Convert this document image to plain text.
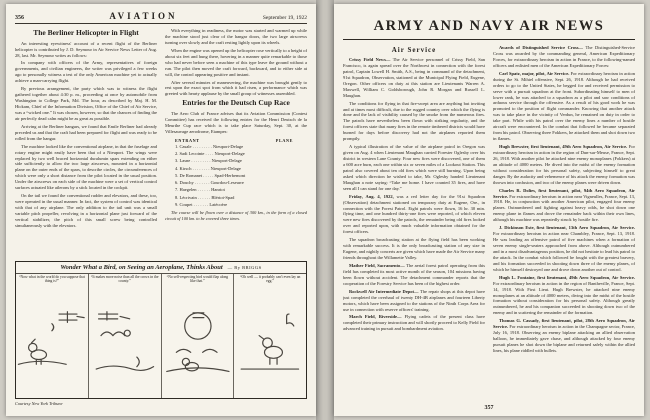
356	AVIATION	September 19, 1922
The Berliner Helicopter in Flight

An interesting eyewitness' account of a recent flight of the Berliner helicopter is contributed by J. D. Seymour in Air Service News Letter of Aug. 28, last. Mr. Seymour writes as follows:

In company with officers of the Army, representatives of foreign governments, and civilian engineers, the writer was privileged a few weeks ago to personally witness a test of the only American machine yet to actually achieve a man-carrying flight.

By previous arrangement, the party which was to witness the flight gathered together about 4:30 p. m., proceeding at once by automobile from Washington to College Park, Md. The hour, as described by Maj. H. M. Hickam, Chief of the Information Division, Office of the Chief of Air Service, was a “wicked one.” It was chosen, however, so that the chances of finding the air perfectly dead calm might be as great as possible.

Arriving at the Berliner hangars, we found that Emile Berliner had already preceded us and that the craft had been prepared for flight and was ready to be rolled from the hangar.

The machine looked like the conventional airplane, in that the fuselage and rotary engine might easily have been that of a Nieuport. The wings were replaced by two well braced horizontal duralumin spars extending on either side sufficiently to allow the two large airscrews, mounted in a horizontal plane on the outer ends of the spars, to describe circles, the circumferences of which were only a short distance from the pilot located in the usual position. Under the airscrews on each side of the machine were a set of vertical control surfaces actuated like ailerons by a stick located in the cockpit.

On the tail we found the conventional rudder and elevators, and these, too, were operated in the usual manner. In fact, the system of control was identical with that of any airplane. The only addition to the tail unit was a small variable pitch propeller, revolving in a horizontal plane just forward of the vertical stabilizer, the pitch of this small screw being controlled simultaneously with the elevators.

With everything in readiness, the motor was started and warmed up while the machine stood just clear of the hangar doors, the two large airscrews turning over slowly and the craft resting lightly upon its wheels.

When the engine was opened up the helicopter rose vertically to a height of about six feet and hung there, hovering in a manner quite remarkable to those who had never before seen a machine of this type leave the ground without a run. The pilot then moved the craft forward, backward, and to either side at will, the control appearing positive and instant.

After several minutes of maneuvering, the machine was brought gently to rest upon the exact spot from which it had risen, a performance which was greeted with hearty applause by the small group of witnesses assembled.

Entries for the Deutsch Cup Race

The Aero Club of France advises that its Aviation Commission (Contest Committee) has received the following entries for the Henri Deutsch de la Meurthe Cup race which is to take place Saturday, Sept. 30, at the Villesauvage aerodrome, Etampes:

ENTRANT	PLANE

1. Casale . . . . . . . . . Nieuport-Delage

2. Sadi Lecointe . . . . Nieuport-Delage

3. Lasne . . . . . . . . . Nieuport-Delage

4. Kirsch . . . . . . . . Nieuport-Delage

5. De Romanet . . . . . Spad-Herbemont

6. Douchy . . . . . . . Gourdou-Leseurre

7. Haegelen . . . . . . Hanriot

8. Lécrivain . . . . . . Blériot-Spad

9. Coupet . . . . . . . Latécoère

The course will be flown over a distance of 300 km., in the form of a closed circuit of 100 km. to be covered three times.

Wonder What a Bird, on Seeing an Aeroplane, Thinks About — By BRIGGS
“Now what in the world do you suppose that thing is?”
“It makes more noise than all the crows in the county.”
“No self-respecting bird would flap along like that.”
“Oh well — it probably can't even lay an egg.”
Courtesy New York Tribune
ARMY AND NAVY AIR NEWS
Air Service

Crissy Field News— The Air Service personnel of Crissy Field, San Francisco, is again spread over the Northwest in connection with the forest patrol, Captain Lowell H. Smith, A.S., being in command of the detachment, 91st Squadron, Observation, stationed at the Municipal Flying Field, Eugene, Oregon. Other officers on duty at this station are Lieutenants Warren A. Maxwell, William C. Goldsborough, John R. Morgan and Russell L. Maughan.

The conditions for flying in that fire-swept area are anything but inviting and at times most difficult, due to the rugged country over which the flying is done and the lack of visibility caused by the smoke from the numerous fires. The patrols have nevertheless been flown with striking regularity, and the forest officers state that many fires in the remote timbered districts would have burned for days before discovery had not the airplanes reported them promptly.

A typical illustration of the value of the airplane patrol in Oregon was given on Aug. 4 when Lieutenant Maughan carried Forester Oglesby over his district in western Lane County. Four new fires were discovered, one of them a 600 acre burn, each one within six or seven miles of a Lookout Station. This patrol also covered about ten old fires which were still burning. Upon being asked which direction he wished to take, Mr. Oglesby handed Lieutenant Maughan a note saying: “Take me home. I have counted 35 fires, and have seen all I can stand for one day.”

Friday, Aug. 4, 1922, was a red letter day for the 91st Squadron (Observation) detachment stationed on temporary duty at Eugene, Ore., in connection with the Forest Patrol. Eight patrols were flown, 16 hr. 30 min. flying time, and one hundred thirty-one fires were reported, of which eleven were new fires discovered by the patrols, the remainder being old fires looked over and reported upon, with much valuable information obtained for the forest officers.

The squadron broadcasting station at the flying field has been working with remarkable success. It is the only broadcasting station of any size in Eugene, and nightly concerts are given which have made the Air Service many friends throughout the Willamette Valley.

Mather Field, Sacramento— The aerial forest patrol operating from this field has completed its most active month of the season, 104 missions having been flown without accident. The detachment commander reports that the cooperation of the Forestry Service has been of the highest order.

Rockwell Air Intermediate Depot— The repair shops at this depot have just completed the overhaul of twenty DH-4B airplanes and fourteen Liberty motors, which have been assigned to the stations of the Ninth Corps Area for use in connection with reserve officers' training.

March Field, Riverside— Flying cadets of the present class have completed their primary instruction and will shortly proceed to Kelly Field for advanced training in pursuit and bombardment aviation.

Awards of Distinguished Service Cross— The Distinguished-Service Cross was awarded by the commanding general, American Expeditionary Forces, for extraordinary heroism in action in France, to the following-named officers and enlisted men of the American Expeditionary Forces:

Carl Spatz, major, pilot, Air Service. For extraordinary heroism in action during the St. Mihiel offensive, Sept. 26, 1918. Although he had received orders to go to the United States, he begged for and received permission to serve with a pursuit squadron at the front. Subordinating himself to men of lower rank, he was attached to a squadron as a pilot and saw conditions of arduous service through the offensive. As a result of his good work he was promoted to the position of flight commander. Knowing that another attack was to take place in the vicinity of Verdun, he remained on duty in order to take part. While with his patrol over the enemy lines a number of hostile aircraft were encountered. In the combat that followed he became separated from his patrol. Observing three Fokkers, he attacked them and shot down two in flames.

Hugh Brewster, first lieutenant, 49th Aero Squadron, Air Service. For extraordinary heroism in action in the region of Dun-sur-Meuse, France, Sept. 26, 1918. With another pilot he attacked nine enemy monoplanes (Fokkers) at an altitude of 4000 meters. He dived into the midst of the enemy formation without consideration for his personal safety, subjecting himself to great danger. By the audacity and vehemence of his attack the enemy formation was thrown into confusion, and two of the enemy planes were driven down.

Charles R. Dolies, first lieutenant, pilot, 94th Aero Squadron, Air Service. For extraordinary heroism in action near Vigneulles, France, Sept. 13, 1918. He, in conjunction with another American pilot, engaged four enemy planes. Outnumbered and fighting against heavy odds, he shot down one enemy plane in flames and drove the remainder back within their own lines, although his machine was repeatedly struck by hostile fire.

J. Dickinson Este, first lieutenant, 13th Aero Squadron, Air Service. For extraordinary heroism in action near Chambley, France, Sept. 13, 1918. He was leading an offensive patrol of five machines when a formation of seven enemy single-seaters approached from above. Although outnumbered and in a most disadvantageous position, he did not hesitate to lead his patrol to the attack. In the combat which followed he fought with the greatest bravery, and his formation succeeded in shooting down three of the enemy planes, of which he himself destroyed one and drove down another out of control.

Hugh L. Fontaine, first lieutenant, 49th Aero Squadron, Air Service. For extraordinary heroism in action in the region of Bantheville, France, Sept. 14, 1918. With First Lieut. Hugh Brewster, he attacked nine enemy monoplanes at an altitude of 4000 meters, diving into the midst of the hostile formation without consideration for his personal safety. Although greatly outnumbered, he and his companion succeeded in shooting down two of the enemy and in scattering the remainder of the formation.

Thomas G. Cassady, first lieutenant, pilot, 28th Aero Squadron, Air Service. For extraordinary heroism in action in the Champagne sector, France, July 16, 1918. Observing an enemy biplane attacking an allied observation balloon, he immediately gave chase, and although attacked by four enemy pursuit planes he shot down the biplane and returned safely within the allied lines, his plane riddled with bullets.

357
